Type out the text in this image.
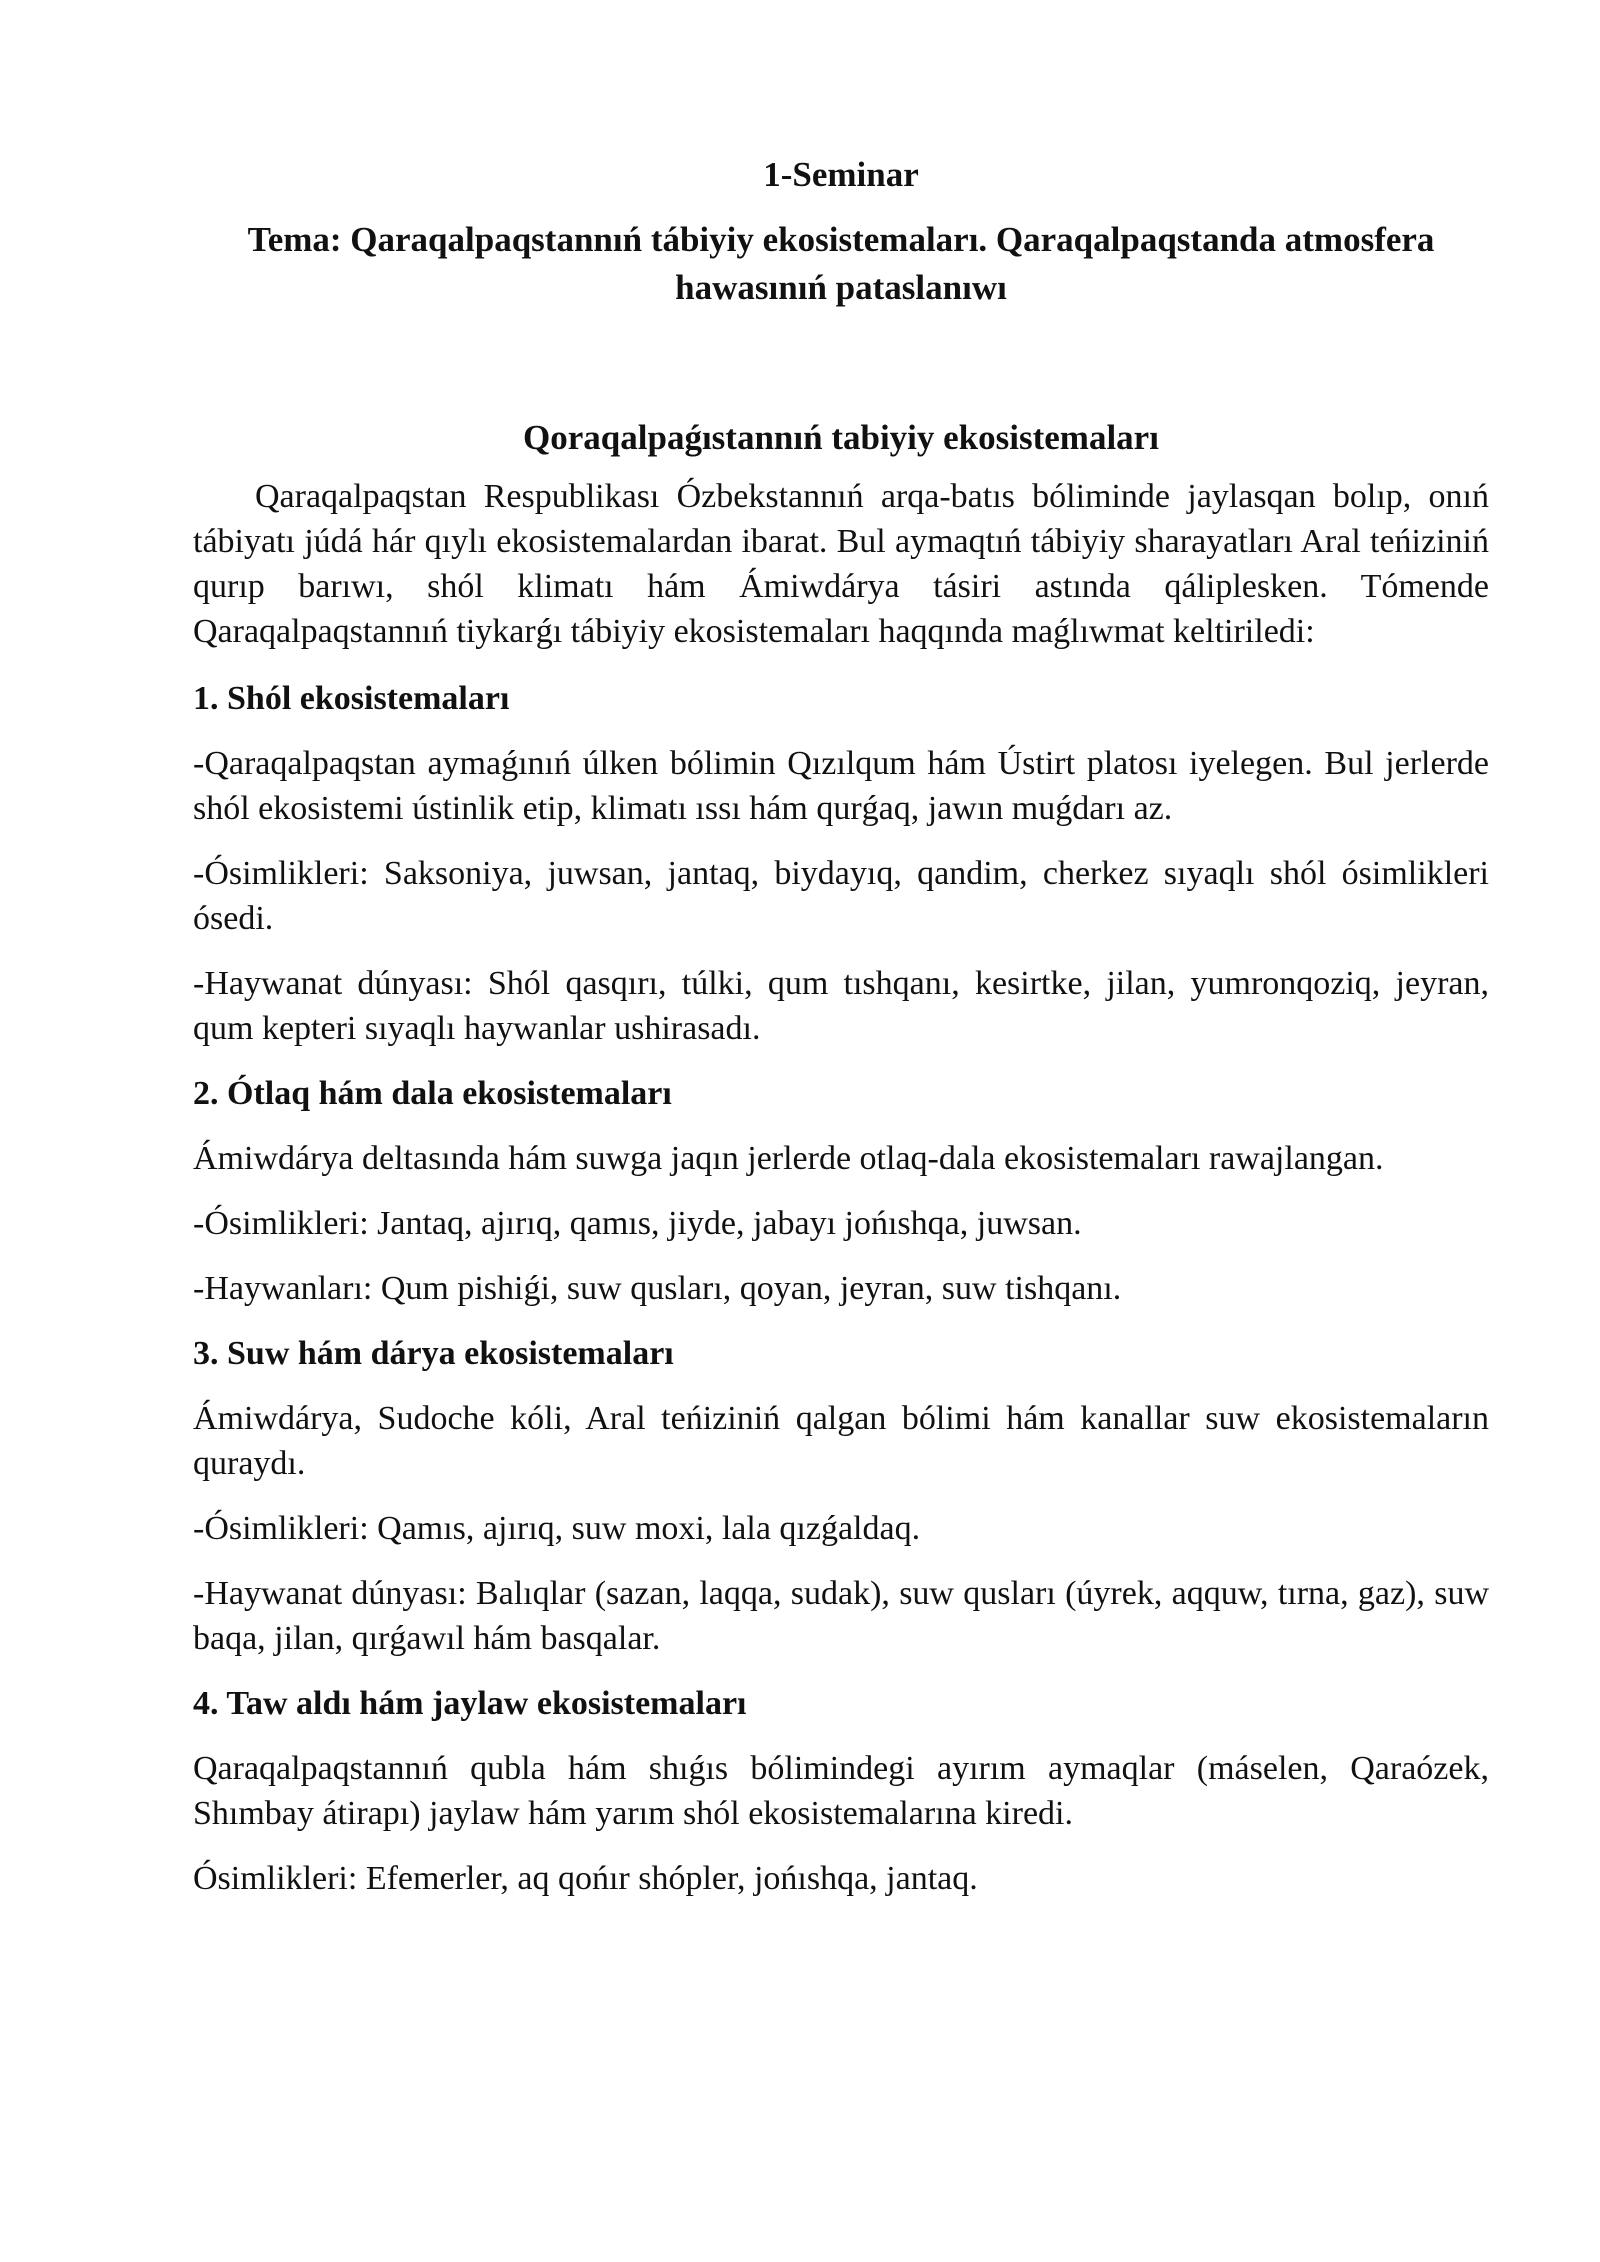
1-Seminar
Tema: Qaraqalpaqstannıń tábiyiy ekosistemaları. Qaraqalpaqstanda atmosfera hawasınıń pataslanıwı
Qoraqalpaǵıstannıń tabiyiy ekosistemaları

Qaraqalpaqstan Respublikası Ózbekstannıń arqa-batıs bóliminde jaylasqan bolıp, onıń tábiyatı júdá hár qıylı ekosistemalardan ibarat. Bul aymaqtıń tábiyiy sharayatları Aral teńiziniń qurıp barıwı, shól klimatı hám Ámiwdárya tásiri astında qáliplesken. Tómende Qaraqalpaqstannıń tiykarǵı tábiyiy ekosistemaları haqqında maǵlıwmat keltiriledi:

1. Shól ekosistemaları

-Qaraqalpaqstan aymaǵınıń úlken bólimin Qızılqum hám Ústirt platosı iyelegen. Bul jerlerde shól ekosistemi ústinlik etip, klimatı ıssı hám qurǵaq, jawın muǵdarı az.

-Ósimlikleri: Saksoniya, juwsan, jantaq, biydayıq, qandim, cherkez sıyaqlı shól ósimlikleri ósedi.

-Haywanat dúnyası: Shól qasqırı, túlki, qum tıshqanı, kesirtke, jilan, yumronqoziq, jeyran, qum kepteri sıyaqlı haywanlar ushirasadı.

2. Ótlaq hám dala ekosistemaları

Ámiwdárya deltasında hám suwga jaqın jerlerde otlaq-dala ekosistemaları rawajlangan.

-Ósimlikleri: Jantaq, ajırıq, qamıs, jiyde, jabayı jońıshqa, juwsan.

-Haywanları: Qum pishiǵi, suw qusları, qoyan, jeyran, suw tishqanı.

3. Suw hám dárya ekosistemaları

Ámiwdárya, Sudoche kóli, Aral teńiziniń qalgan bólimi hám kanallar suw ekosistemaların quraydı.

-Ósimlikleri: Qamıs, ajırıq, suw moxi, lala qızǵaldaq.

-Haywanat dúnyası: Balıqlar (sazan, laqqa, sudak), suw qusları (úyrek, aqquw, tırna, gaz), suw baqa, jilan, qırǵawıl hám basqalar.

4. Taw aldı hám jaylaw ekosistemaları

Qaraqalpaqstannıń qubla hám shıǵıs bólimindegi ayırım aymaqlar (máselen, Qaraózek, Shımbay átirapı) jaylaw hám yarım shól ekosistemalarına kiredi.

Ósimlikleri: Efemerler, aq qońır shópler, jońıshqa, jantaq.
